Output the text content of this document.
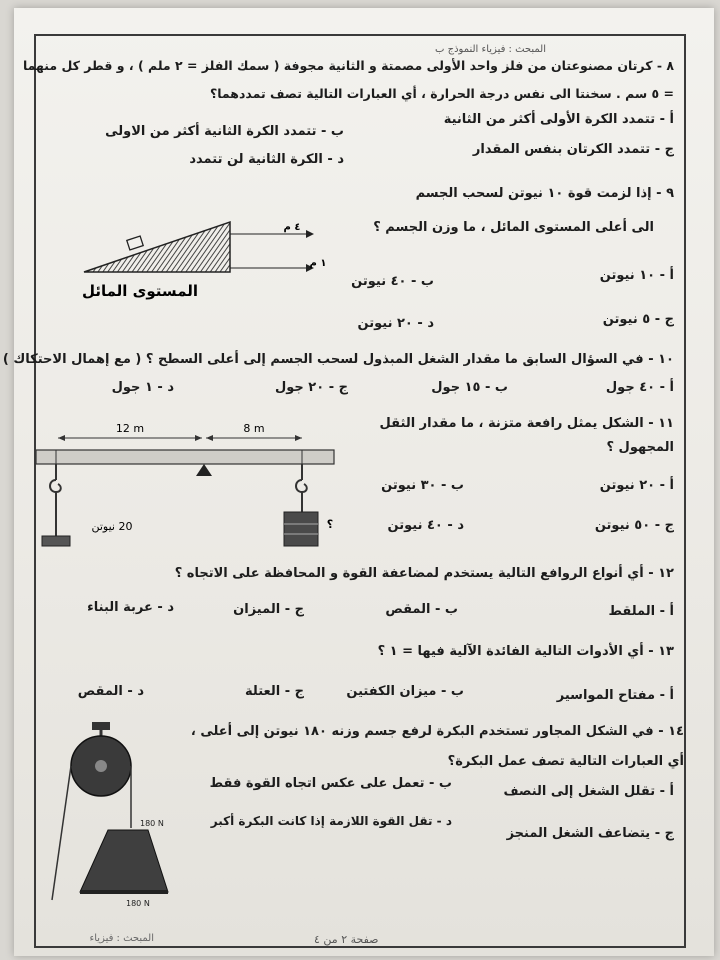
المبحث : فيزياء النموذج ب
٨ - كرتان مصنوعتان من فلز واحد الأولى مصمتة و الثانية مجوفة ( سمك الفلز = ٢ ملم ) ، و قطر كل منهما
= ٥ سم . سخنتا الى نفس درجة الحرارة ، أي العبارات التالية تصف تمددهما؟
أ - تتمدد الكرة الأولى أكثر من الثانية
ب - تتمدد الكرة الثانية أكثر من الاولى
ج - تتمدد الكرتان بنفس المقدار
د - الكرة الثانية لن تتمدد
٩ - إذا لزمت قوة ١٠ نيوتن لسحب الجسم
الى أعلى المستوى المائل ، ما وزن الجسم ؟
٤ م
١ م
المستوى المائل
أ - ١٠ نيوتن
ب - ٤٠ نيوتن
ج - ٥ نيوتن
د - ٢٠ نيوتن
١٠ - في السؤال السابق ما مقدار الشغل المبذول لسحب الجسم إلى أعلى السطح ؟ ( مع إهمال الاحتكاك )
أ - ٤٠ جول
ب - ١٥ جول
ج - ٢٠ جول
د - ١ جول
١١ - الشكل يمثل رافعة متزنة ، ما مقدار الثقل
المجهول ؟
12 m	8 m
20 نيوتن	؟
أ - ٢٠ نيوتن
ب - ٣٠ نيوتن
ج - ٥٠ نيوتن
د - ٤٠ نيوتن
١٢ - أي أنواع الروافع التالية يستخدم لمضاعفة القوة و المحافظة على الاتجاه ؟
أ - الملقط
ب - المقص
ج - الميزان
د - عربة البناء
١٣ - أي الأدوات التالية الفائدة الآلية فيها = ١ ؟
أ - مفتاح المواسير
ب - ميزان الكفتين
ج - العتلة
د - المقص
١٤ - في الشكل المجاور تستخدم البكرة لرفع جسم وزنه ١٨٠ نيوتن إلى أعلى ،
أي العبارات التالية تصف عمل البكرة؟
180 N
180 N
أ - تقلل الشغل إلى النصف
ب - تعمل على عكس اتجاه القوة فقط
ج - يتضاعف الشغل المنجز
د - تقل القوة اللازمة إذا كانت البكرة أكبر
المبحث : فيزياء	صفحة ٢ من ٤
